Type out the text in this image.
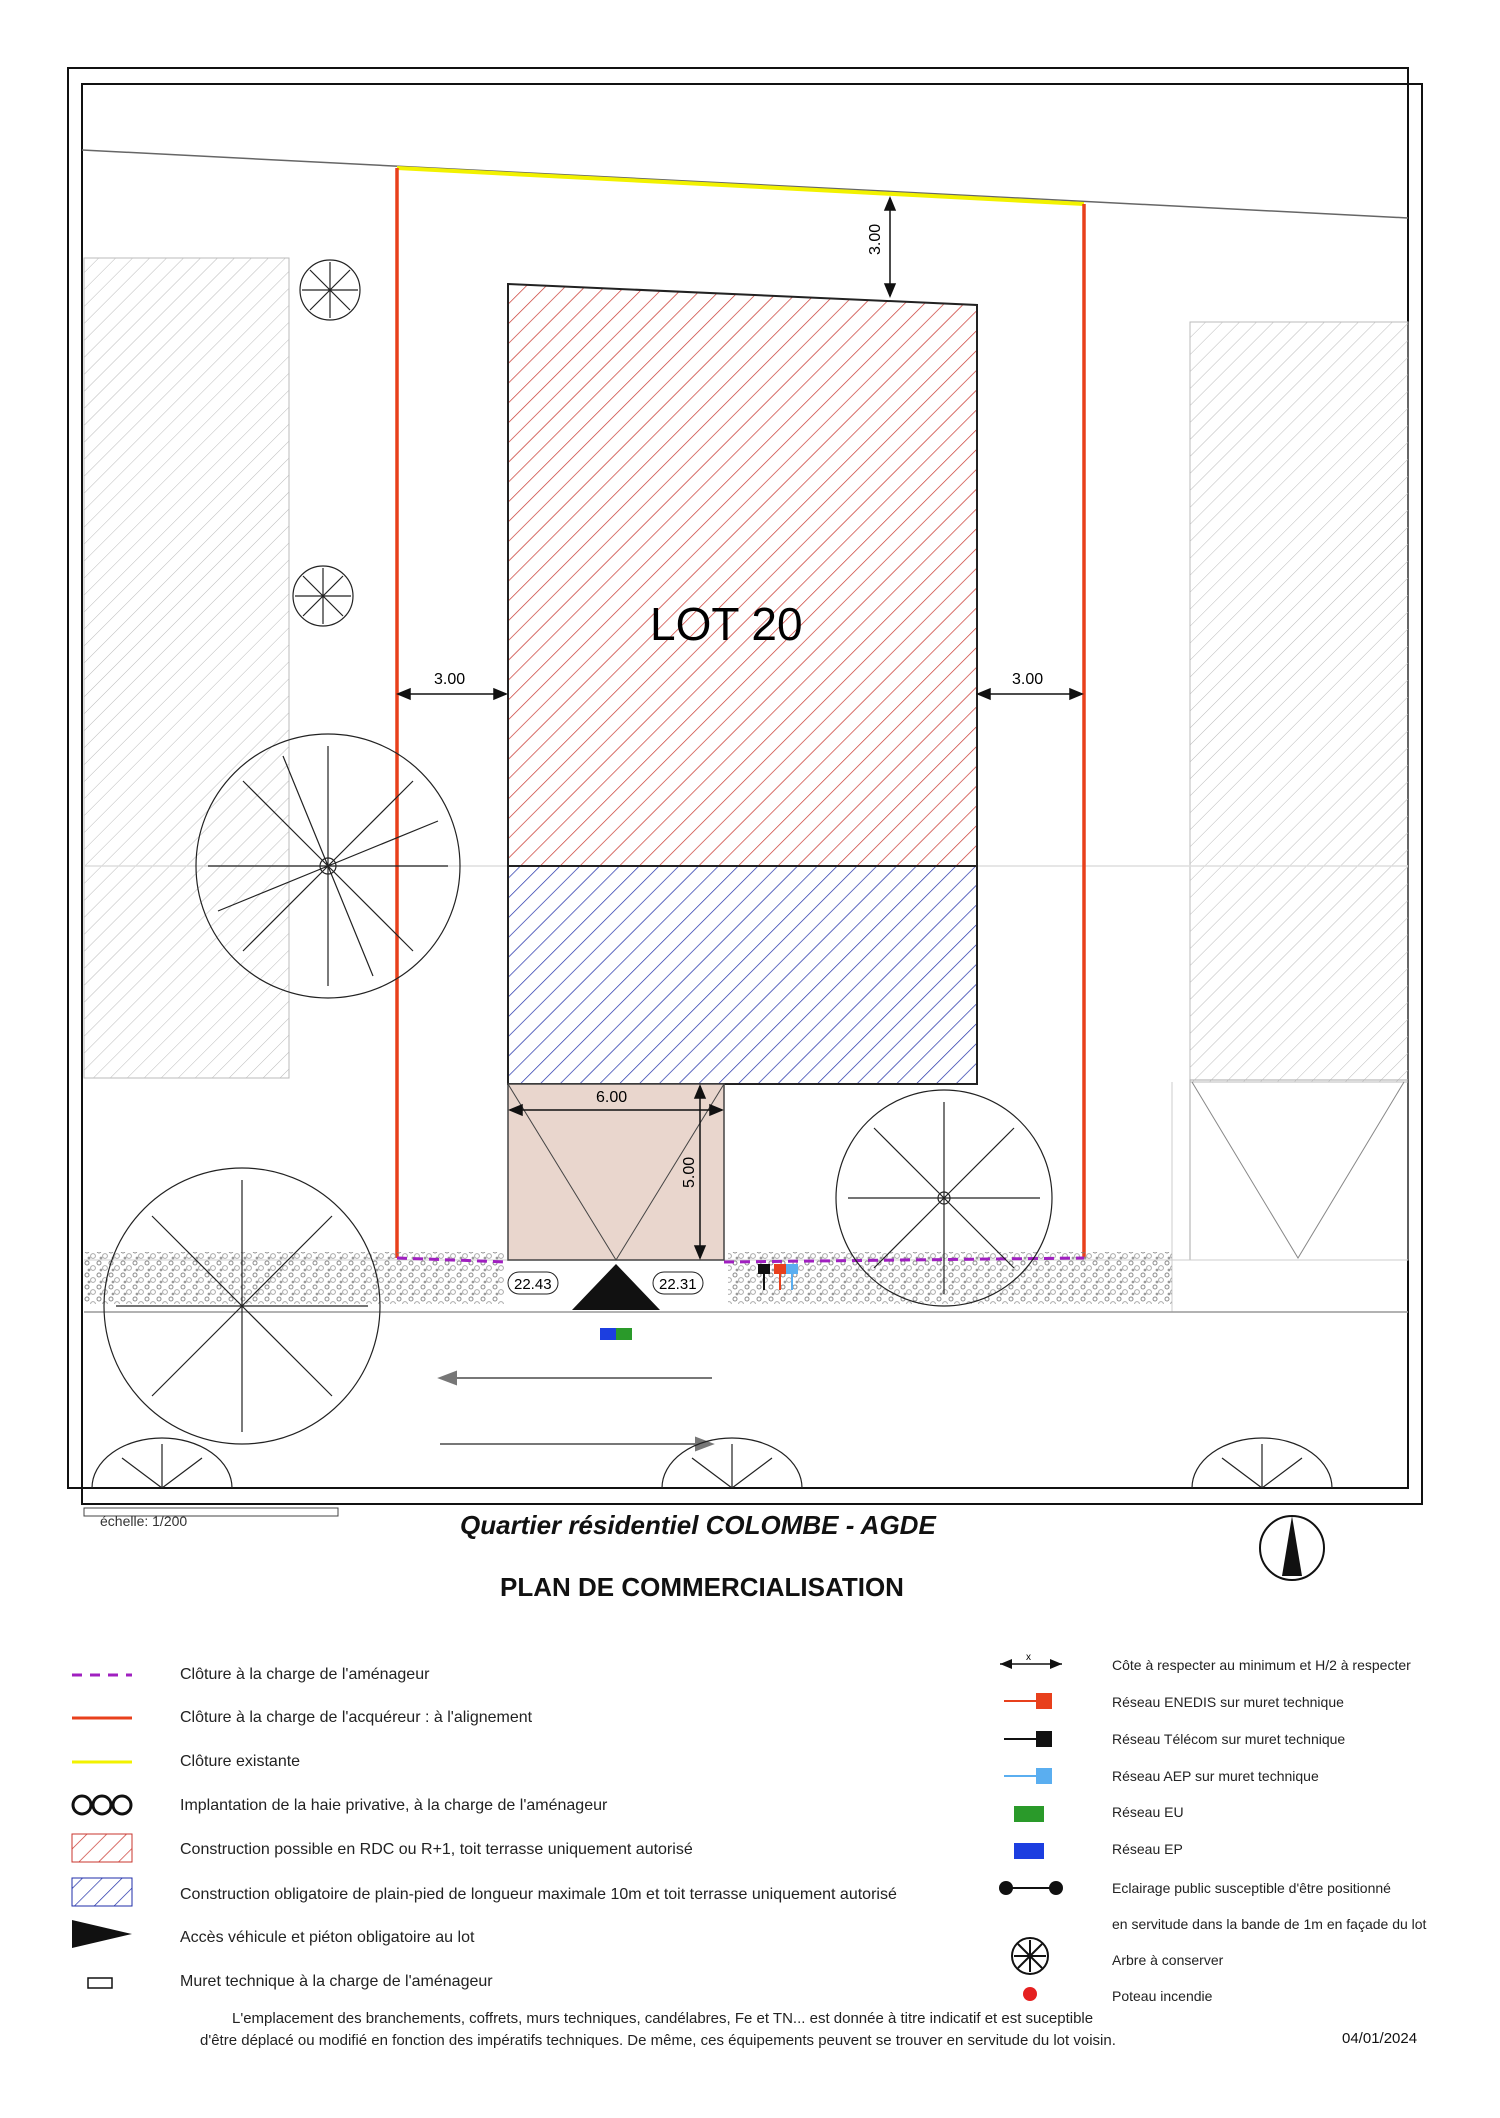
3.00
3.00	3.00
6.00
5.00
LOT 20
22.43	22.31
x
échelle: 1/200	Quartier résidentiel COLOMBE - AGDE
PLAN DE COMMERCIALISATION
Clôture à la charge de l'aménageur
Clôture à la charge de l'acquéreur : à l'alignement
Clôture existante
Implantation de la haie privative, à la charge de l'aménageur
Construction possible en RDC ou R+1, toit terrasse uniquement autorisé
Construction obligatoire de plain-pied de longueur maximale 10m et toit terrasse uniquement autorisé
Accès véhicule et piéton obligatoire au lot
Muret technique à la charge de l'aménageur
Côte à respecter au minimum et H/2 à respecter
Réseau ENEDIS sur muret technique
Réseau Télécom sur muret technique
Réseau AEP sur muret technique
Réseau EU
Réseau EP
Eclairage public susceptible d'être positionné
en servitude dans la bande de 1m en façade du lot
Arbre à conserver
Poteau incendie
L'emplacement des branchements, coffrets, murs techniques, candélabres, Fe et TN... est donnée à titre indicatif et est suceptible
d'être déplacé ou modifié en fonction des impératifs techniques. De même, ces équipements peuvent se trouver en servitude du lot voisin.	04/01/2024
